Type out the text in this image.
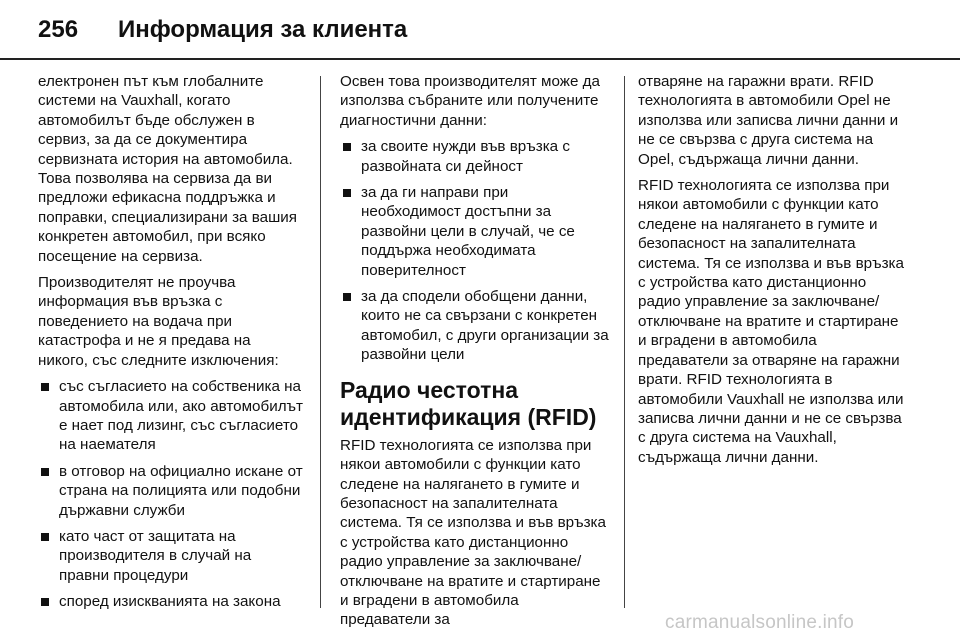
256 Информация за клиента

електронен път към глобалните системи на Vauxhall, когато автомобилът бъде обслужен в сервиз, за да се документира сервизната история на автомобила. Това позволява на сервиза да ви предложи ефикасна поддръжка и поправки, специализирани за вашия конкретен автомобил, при всяко посещение на сервиза.

Производителят не проучва информация във връзка с поведението на водача при катастрофа и не я предава на никого, със следните изключения:

със съгласието на собственика на автомобила или, ако автомобилът е нает под лизинг, със съгласието на наемателя
в отговор на официално искане от страна на полицията или подобни държавни служби
като част от защитата на производителя в случай на правни процедури
според изискванията на закона

Освен това производителят може да използва събраните или получените диагностични данни:

за своите нужди във връзка с развойната си дейност
за да ги направи при необходимост достъпни за развойни цели в случай, че се поддържа необходимата поверителност
за да сподели обобщени данни, които не са свързани с конкретен автомобил, с други организации за развойни цели
Радио честотна идентификация (RFID)

RFID технологията се използва при някои автомобили с функции като следене на налягането в гумите и безопасност на запалителната система. Тя се използва и във връзка с устройства като дистанционно радио управление за заключване/отключване на вратите и стартиране и вградени в автомобила предаватели за

отваряне на гаражни врати. RFID технологията в автомобили Opel не използва или записва лични данни и не се свързва с друга система на Opel, съдържаща лични данни.

RFID технологията се използва при някои автомобили с функции като следене на налягането в гумите и безопасност на запалителната система. Тя се използва и във връзка с устройства като дистанционно радио управление за заключване/отключване на вратите и стартиране и вградени в автомобила предаватели за отваряне на гаражни врати. RFID технологията в автомобили Vauxhall не използва или записва лични данни и не се свързва с друга система на Vauxhall, съдържаща лични данни.

carmanualsonline.info
